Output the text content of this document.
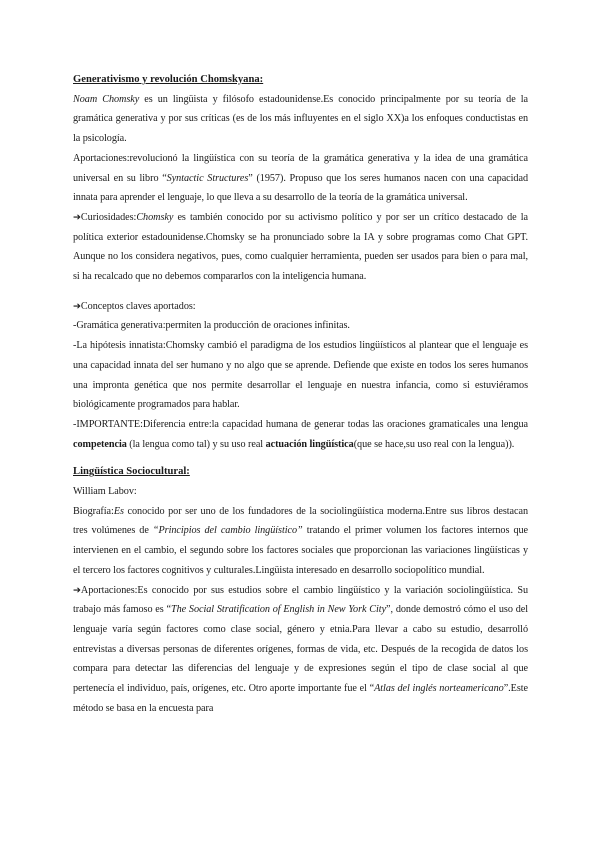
Generativismo y revolución Chomskyana:

Noam Chomsky es un lingüista y filósofo estadounidense.Es conocido principalmente por su teoría de la gramática generativa y por sus críticas (es de los más influyentes en el siglo XX)a los enfoques conductistas en la psicología.

Aportaciones:revolucionó la lingüística con su teoría de la gramática generativa y la idea de una gramática universal en su libro “Syntactic Structures” (1957). Propuso que los seres humanos nacen con una capacidad innata para aprender el lenguaje, lo que lleva a su desarrollo de la teoría de la gramática universal.

➔Curiosidades:Chomsky es también conocido por su activismo político y por ser un crítico destacado de la política exterior estadounidense.Chomsky se ha pronunciado sobre la IA y sobre programas como Chat GPT. Aunque no los considera negativos, pues, como cualquier herramienta, pueden ser usados para bien o para mal, si ha recalcado que no debemos compararlos con la inteligencia humana.

➔Conceptos claves aportados:

-Gramática generativa:permiten la producción de oraciones infinitas.

-La hipótesis innatista:Chomsky cambió el paradigma de los estudios lingüísticos al plantear que el lenguaje es una capacidad innata del ser humano y no algo que se aprende. Defiende que existe en todos los seres humanos una impronta genética que nos permite desarrollar el lenguaje en nuestra infancia, como si estuviéramos biológicamente programados para hablar.

-IMPORTANTE:Diferencia entre:la capacidad humana de generar todas las oraciones gramaticales una lengua competencia (la lengua como tal) y su uso real actuación lingüística(que se hace,su uso real con la lengua)).

Lingüística Sociocultural:

William Labov:

Biografía:Es conocido por ser uno de los fundadores de la sociolingüística moderna.Entre sus libros destacan tres volúmenes de “Principios del cambio lingüístico” tratando el primer volumen los factores internos que intervienen en el cambio, el segundo sobre los factores sociales que proporcionan las variaciones lingüísticas y el tercero los factores cognitivos y culturales.Lingüista interesado en desarrollo sociopolítico mundial.

➔Aportaciones:Es conocido por sus estudios sobre el cambio lingüístico y la variación sociolingüística. Su trabajo más famoso es “The Social Stratification of English in New York City”, donde demostró cómo el uso del lenguaje varía según factores como clase social, género y etnia.Para llevar a cabo su estudio, desarrolló entrevistas a diversas personas de diferentes orígenes, formas de vida, etc. Después de la recogida de datos los compara para detectar las diferencias del lenguaje y de expresiones según el tipo de clase social al que pertenecía el individuo, país, orígenes, etc. Otro aporte importante fue el “Atlas del inglés norteamericano”.Este método se basa en la encuesta para
